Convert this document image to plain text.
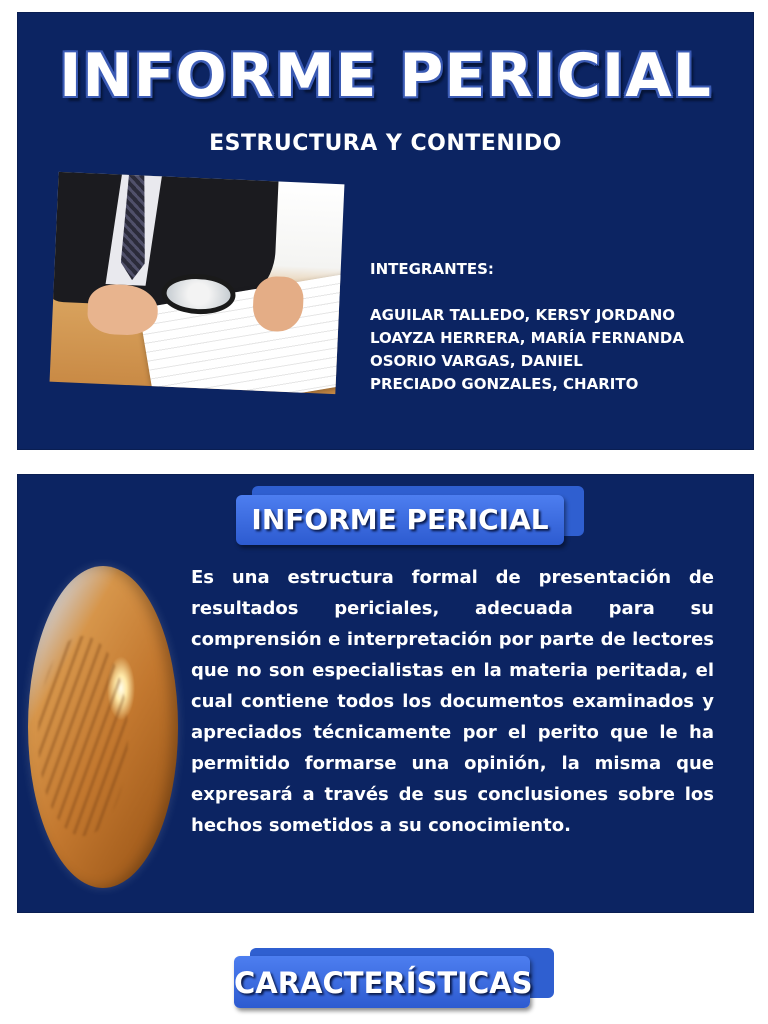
INFORME PERICIAL
ESTRUCTURA Y CONTENIDO
INTEGRANTES:
AGUILAR TALLEDO, KERSY JORDANO
LOAYZA HERRERA, MARÍA FERNANDA
OSORIO VARGAS, DANIEL
PRECIADO GONZALES, CHARITO
INFORME PERICIAL
Es una estructura formal de presentación de resultados periciales, adecuada para su comprensión e interpretación por parte de lectores que no son especialistas en la materia peritada, el cual contiene todos los documentos examinados y apreciados técnicamente por el perito que le ha permitido formarse una opinión, la misma que expresará a través de sus conclusiones sobre los hechos sometidos a su conocimiento.
CARACTERÍSTICAS
